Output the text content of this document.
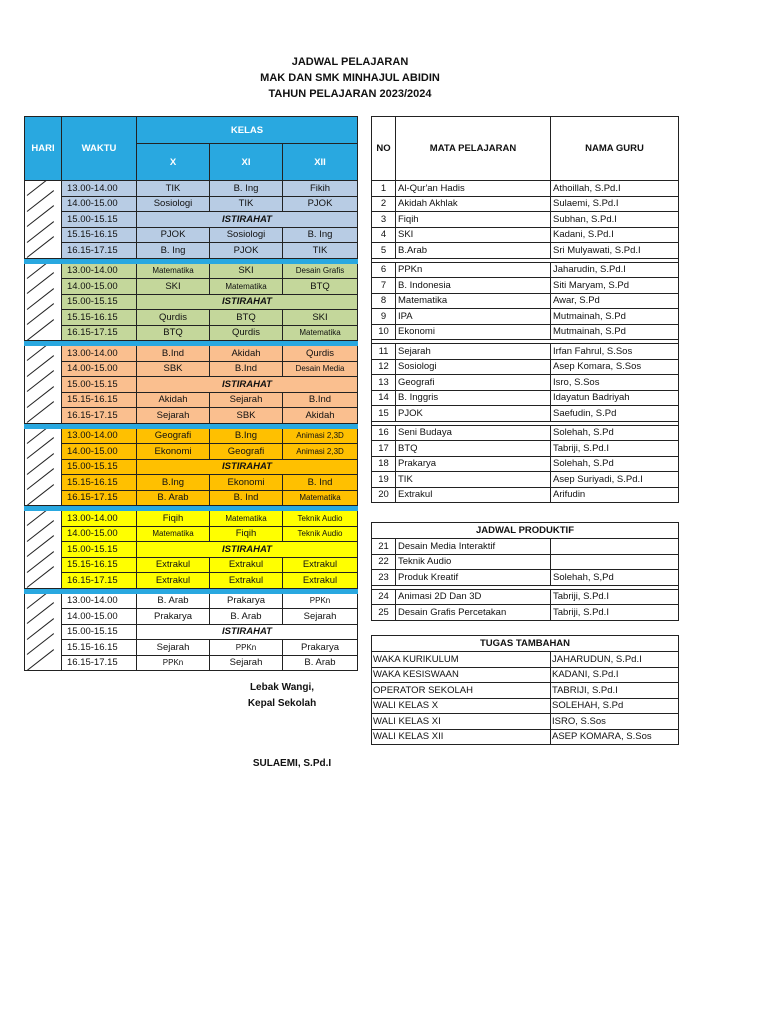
JADWAL PELAJARAN
MAK DAN SMK MINHAJUL ABIDIN
TAHUN PELAJARAN 2023/2024
HARI	WAKTU	KELAS		
		X	XI	XII

	13.00-14.00	TIK	B. Ing	Fikih
	14.00-15.00	Sosiologi	TIK	PJOK
	15.00-15.15	ISTIRAHAT		
	15.15-16.15	PJOK	Sosiologi	B. Ing
	16.15-17.15	B. Ing	PJOK	TIK

	13.00-14.00	Matematika	SKI	Desain Grafis
	14.00-15.00	SKI	Matematika	BTQ
	15.00-15.15	ISTIRAHAT		
	15.15-16.15	Qurdis	BTQ	SKI
	16.15-17.15	BTQ	Qurdis	Matematika

	13.00-14.00	B.Ind	Akidah	Qurdis
	14.00-15.00	SBK	B.Ind	Desain Media
	15.00-15.15	ISTIRAHAT		
	15.15-16.15	Akidah	Sejarah	B.Ind
	16.15-17.15	Sejarah	SBK	Akidah

	13.00-14.00	Geografi	B.Ing	Animasi 2,3D
	14.00-15.00	Ekonomi	Geografi	Animasi 2,3D
	15.00-15.15	ISTIRAHAT		
	15.15-16.15	B.Ing	Ekonomi	B. Ind
	16.15-17.15	B. Arab	B. Ind	Matematika

	13.00-14.00	Fiqih	Matematika	Teknik Audio
	14.00-15.00	Matematika	Fiqih	Teknik Audio
	15.00-15.15	ISTIRAHAT		
	15.15-16.15	Extrakul	Extrakul	Extrakul
	16.15-17.15	Extrakul	Extrakul	Extrakul

	13.00-14.00	B. Arab	Prakarya	PPKn
	14.00-15.00	Prakarya	B. Arab	Sejarah
	15.00-15.15	ISTIRAHAT		
	15.15-16.15	Sejarah	PPKn	Prakarya
	16.15-17.15	PPKn	Sejarah	B. Arab
NO	MATA PELAJARAN	NAMA GURU
1	Al-Qur'an Hadis	Athoillah, S.Pd.I
2	Akidah Akhlak	Sulaemi, S.Pd.I
3	Fiqih	Subhan, S.Pd.I
4	SKI	Kadani, S.Pd.I
5	B.Arab	Sri Mulyawati, S.Pd.I

6	PPKn	Jaharudin, S.Pd.I
7	B. Indonesia	Siti Maryam, S.Pd
8	Matematika	Awar, S.Pd
9	IPA	Mutmainah, S.Pd
10	Ekonomi	Mutmainah, S.Pd

11	Sejarah	Irfan Fahrul, S.Sos
12	Sosiologi	Asep Komara, S.Sos
13	Geografi	Isro, S.Sos
14	B. Inggris	Idayatun Badriyah
15	PJOK	Saefudin, S.Pd

16	Seni Budaya	Solehah, S.Pd
17	BTQ	Tabriji, S.Pd.I
18	Prakarya	Solehah, S.Pd
19	TIK	Asep Suriyadi, S.Pd.I
20	Extrakul	Arifudin
JADWAL PRODUKTIF		
21	Desain Media Interaktif	
22	Teknik Audio	
23	Produk Kreatif	Solehah, S,Pd

24	Animasi 2D Dan 3D	Tabriji, S.Pd.I
25	Desain Grafis Percetakan	Tabriji, S.Pd.I
TUGAS TAMBAHAN	
WAKA KURIKULUM	JAHARUDUN, S.Pd.I
WAKA KESISWAAN	KADANI, S.Pd.I
OPERATOR SEKOLAH	TABRIJI, S.Pd.I
WALI KELAS X	SOLEHAH, S.Pd
WALI KELAS XI	ISRO, S.Sos
WALI KELAS XII	ASEP KOMARA, S.Sos
Lebak Wangi,
Kepal Sekolah
SULAEMI, S.Pd.I
